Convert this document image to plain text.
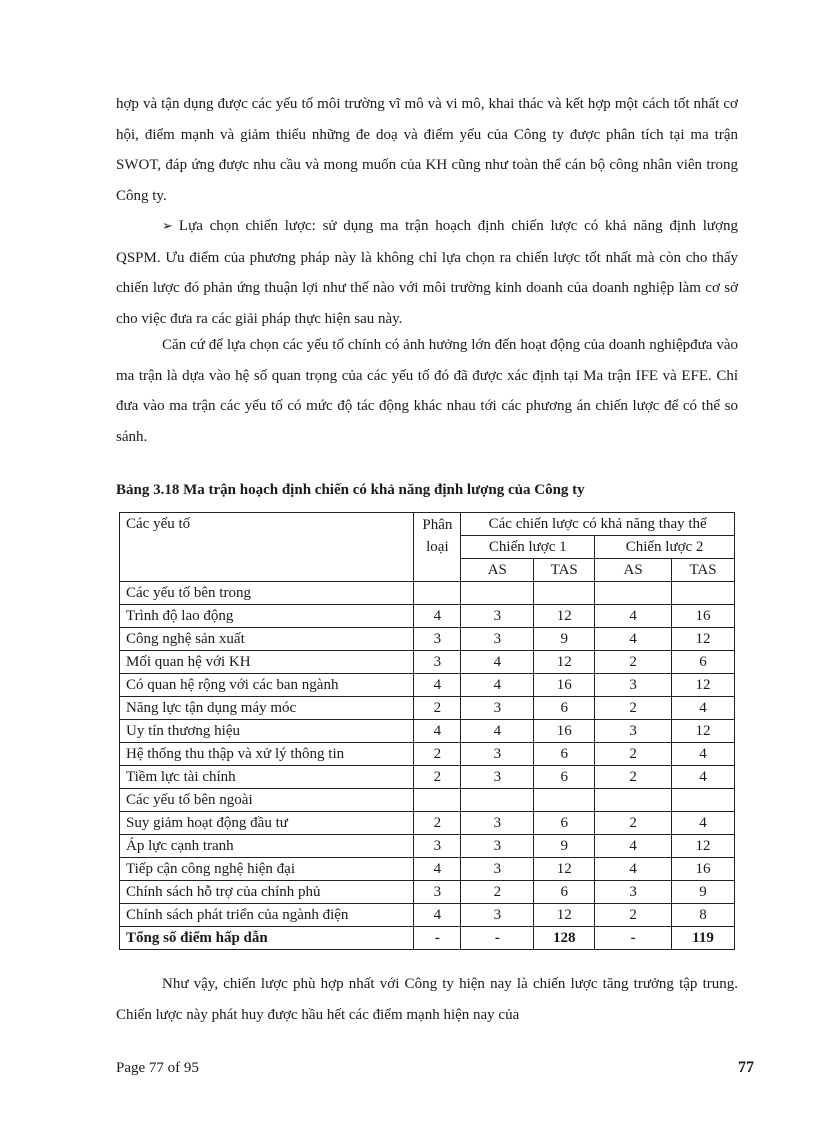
hợp và tận dụng được các yếu tố môi trường vĩ mô và vi mô, khai thác và kết hợp một cách tốt nhất cơ hội, điểm mạnh và giảm thiểu những đe doạ và điểm yếu của Công ty được phân tích tại ma trận SWOT, đáp ứng được nhu cầu và mong muốn của KH cũng như toàn thể cán bộ công nhân viên trong Công ty.

➢ Lựa chọn chiến lược: sử dụng ma trận hoạch định chiến lược có khả năng định lượng QSPM. Ưu điểm của phương pháp này là không chỉ lựa chọn ra chiến lược tốt nhất mà còn cho thấy chiến lược đó phản ứng thuận lợi như thế nào với môi trường kinh doanh của doanh nghiệp làm cơ sở cho việc đưa ra các giải pháp thực hiện sau này.

Căn cứ để lựa chọn các yếu tố chính có ảnh hưởng lớn đến hoạt động của doanh nghiệpđưa vào ma trận là dựa vào hệ số quan trọng của các yếu tố đó đã được xác định tại Ma trận IFE và EFE. Chỉ đưa vào ma trận các yếu tố có mức độ tác động khác nhau tới các phương án chiến lược để có thể so sánh.

Bảng 3.18 Ma trận hoạch định chiến có khả năng định lượng của Công ty

Các yếu tố	Phân loại	Các chiến lược có khả năng thay thế			
		Chiến lược 1		Chiến lược 2	
		AS	TAS	AS	TAS
Các yếu tố bên trong					
Trình độ lao động	4	3	12	4	16
Công nghệ sản xuất	3	3	9	4	12
Mối quan hệ với KH	3	4	12	2	6
Có quan hệ rộng với các ban ngành	4	4	16	3	12
Năng lực tận dụng máy móc	2	3	6	2	4
Uy tín thương hiệu	4	4	16	3	12
Hệ thống thu thập và xử lý thông tin	2	3	6	2	4
Tiềm lực tài chính	2	3	6	2	4
Các yếu tố bên ngoài					
Suy giảm hoạt động đầu tư	2	3	6	2	4
Áp lực cạnh tranh	3	3	9	4	12
Tiếp cận công nghệ hiện đại	4	3	12	4	16
Chính sách hỗ trợ của chính phủ	3	2	6	3	9
Chính sách phát triển của ngành điện	4	3	12	2	8
Tổng số điểm hấp dẫn	-	-	128	-	119

Như vậy, chiến lược phù hợp nhất với Công ty hiện nay là chiến lược tăng trưởng tập trung. Chiến lược này phát huy được hầu hết các điểm mạnh hiện nay của

Page 77 of 95	77
